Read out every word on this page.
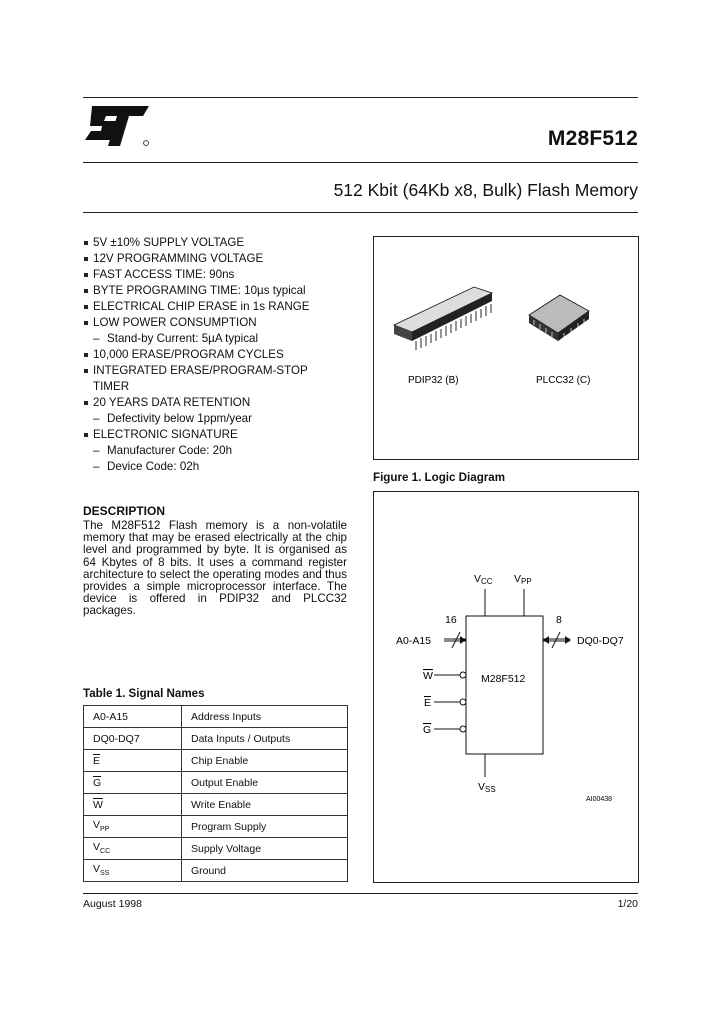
M28F512
512 Kbit (64Kb x8, Bulk) Flash Memory
5V ±10% SUPPLY VOLTAGE
12V PROGRAMMING VOLTAGE
FAST ACCESS TIME: 90ns
BYTE PROGRAMING TIME: 10µs typical
ELECTRICAL CHIP ERASE in 1s RANGE
LOW POWER CONSUMPTION
– Stand-by Current: 5µA typical
10,000 ERASE/PROGRAM CYCLES
INTEGRATED ERASE/PROGRAM-STOP TIMER
20 YEARS DATA RETENTION
– Defectivity below 1ppm/year
ELECTRONIC SIGNATURE
– Manufacturer Code: 20h
– Device Code: 02h
DESCRIPTION
The M28F512 Flash memory is a non-volatile memory that may be erased electrically at the chip level and programmed by byte. It is organised as 64 Kbytes of 8 bits. It uses a command register architecture to select the operating modes and thus provides a simple microprocessor interface. The device is offered in PDIP32 and PLCC32 packages.
PDIP32 (B)	PLCC32 (C)
Figure 1. Logic Diagram
M28F512
VCC VPP
VSS
16
A0-A15
8
DQ0-DQ7
W
E
G
AI00438
Table 1. Signal Names
A0-A15	Address Inputs
DQ0-DQ7	Data Inputs / Outputs
$\overline{E}$	Chip Enable
$\overline{G}$	Output Enable
$\overline{W}$	Write Enable
$V_{PP}$	Program Supply
$V_{CC}$	Supply Voltage
$V_{SS}$	Ground
August 1998	1/20
